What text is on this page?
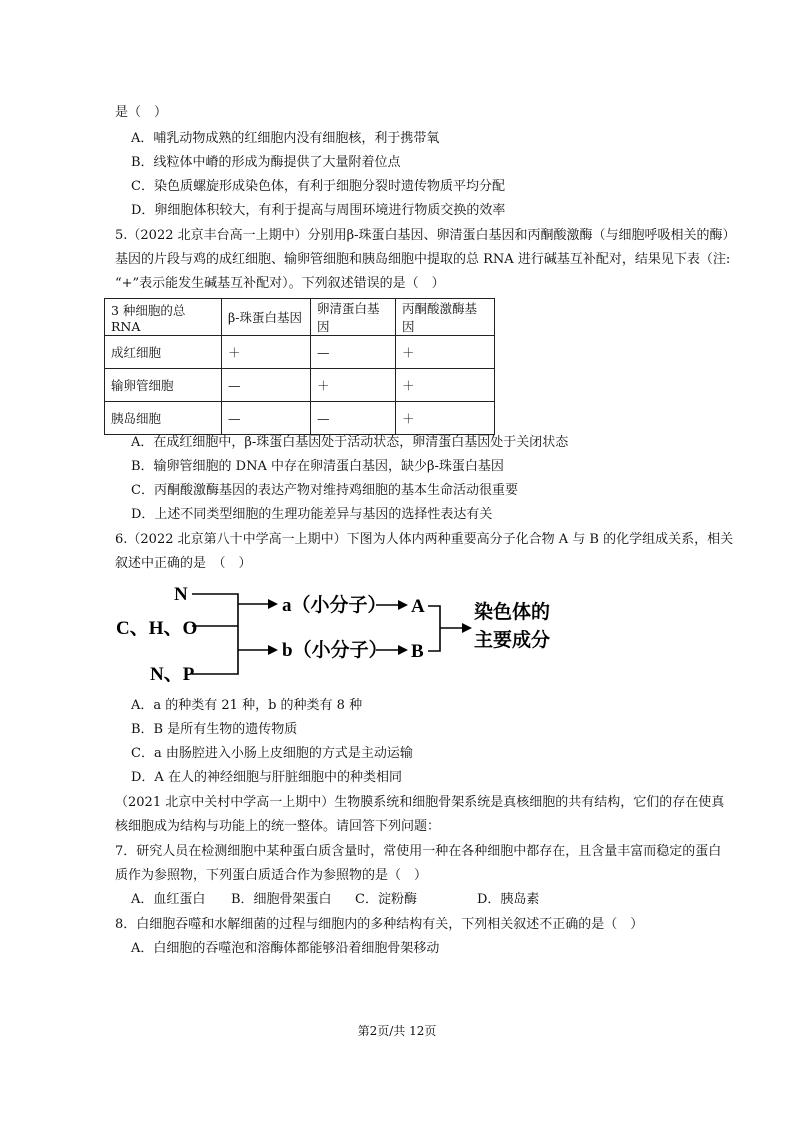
是（　）
A．哺乳动物成熟的红细胞内没有细胞核，利于携带氧
B．线粒体中嵴的形成为酶提供了大量附着位点
C．染色质螺旋形成染色体，有利于细胞分裂时遗传物质平均分配
D．卵细胞体积较大，有利于提高与周围环境进行物质交换的效率
5.（2022 北京丰台高一上期中）分别用β-珠蛋白基因、卵清蛋白基因和丙酮酸激酶（与细胞呼吸相关的酶）
基因的片段与鸡的成红细胞、输卵管细胞和胰岛细胞中提取的总 RNA 进行碱基互补配对，结果见下表（注:
“+”表示能发生碱基互补配对）。下列叙述错误的是（　）
3 种细胞的总 RNA	β-珠蛋白基因	卵清蛋白基因	丙酮酸激酶基因
成红细胞	＋	—	＋
输卵管细胞	—	＋	＋
胰岛细胞	—	—	＋
A．在成红细胞中，β-珠蛋白基因处于活动状态，卵清蛋白基因处于关闭状态
B．输卵管细胞的 DNA 中存在卵清蛋白基因，缺少β-珠蛋白基因
C．丙酮酸激酶基因的表达产物对维持鸡细胞的基本生命活动很重要
D．上述不同类型细胞的生理功能差异与基因的选择性表达有关
6.（2022 北京第八十中学高一上期中）下图为人体内两种重要高分子化合物 A 与 B 的化学组成关系，相关
叙述中正确的是　（　）
N
C、H、O
N、P
a（小分子）
b（小分子）
A
B
染色体的
主要成分
A．a 的种类有 21 种，b 的种类有 8 种
B．B 是所有生物的遗传物质
C．a 由肠腔进入小肠上皮细胞的方式是主动运输
D．A 在人的神经细胞与肝脏细胞中的种类相同
（2021 北京中关村中学高一上期中）生物膜系统和细胞骨架系统是真核细胞的共有结构，它们的存在使真
核细胞成为结构与功能上的统一整体。请回答下列问题：
7．研究人员在检测细胞中某种蛋白质含量时，常使用一种在各种细胞中都存在，且含量丰富而稳定的蛋白
质作为参照物，下列蛋白质适合作为参照物的是（　）
A．血红蛋白 B．细胞骨架蛋白 C．淀粉酶	D．胰岛素
8．白细胞吞噬和水解细菌的过程与细胞内的多种结构有关，下列相关叙述不正确的是（　）
A．白细胞的吞噬泡和溶酶体都能够沿着细胞骨架移动
第2页/共 12页
